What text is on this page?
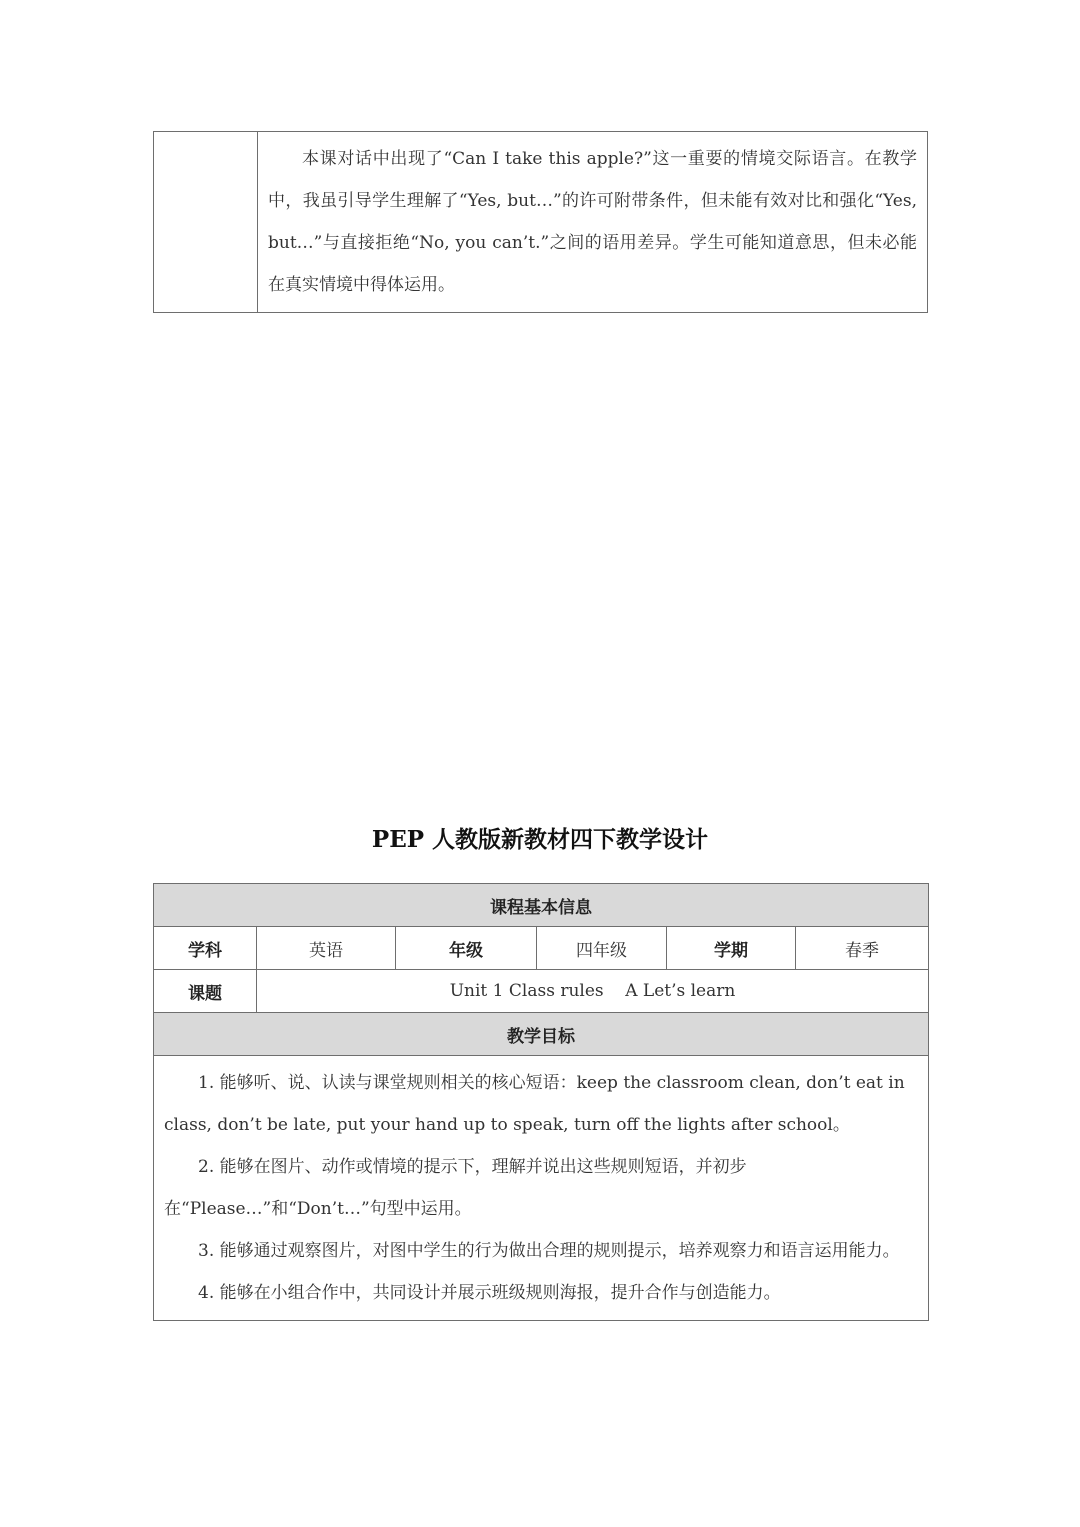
本课对话中出现了“Can I take this apple?”这一重要的情境交际语言。在教学中，我虽引导学生理解了“Yes, but…”的许可附带条件，但未能有效对比和强化“Yes, but…”与直接拒绝“No, you can’t.”之间的语用差异。学生可能知道意思，但未必能在真实情境中得体运用。

PEP 人教版新教材四下教学设计
课程基本信息					
学科	英语	年级	四年级	学期	春季
课题	Unit 1 Class rules    A Let’s learn				
教学目标					

1. 能够听、说、认读与课堂规则相关的核心短语：keep the classroom clean, don’t eat in class, don’t be late, put your hand up to speak, turn off the lights after school。

2. 能够在图片、动作或情境的提示下，理解并说出这些规则短语，并初步在“Please…”和“Don’t…”句型中运用。

3. 能够通过观察图片，对图中学生的行为做出合理的规则提示，培养观察力和语言运用能力。

4. 能够在小组合作中，共同设计并展示班级规则海报，提升合作与创造能力。					
